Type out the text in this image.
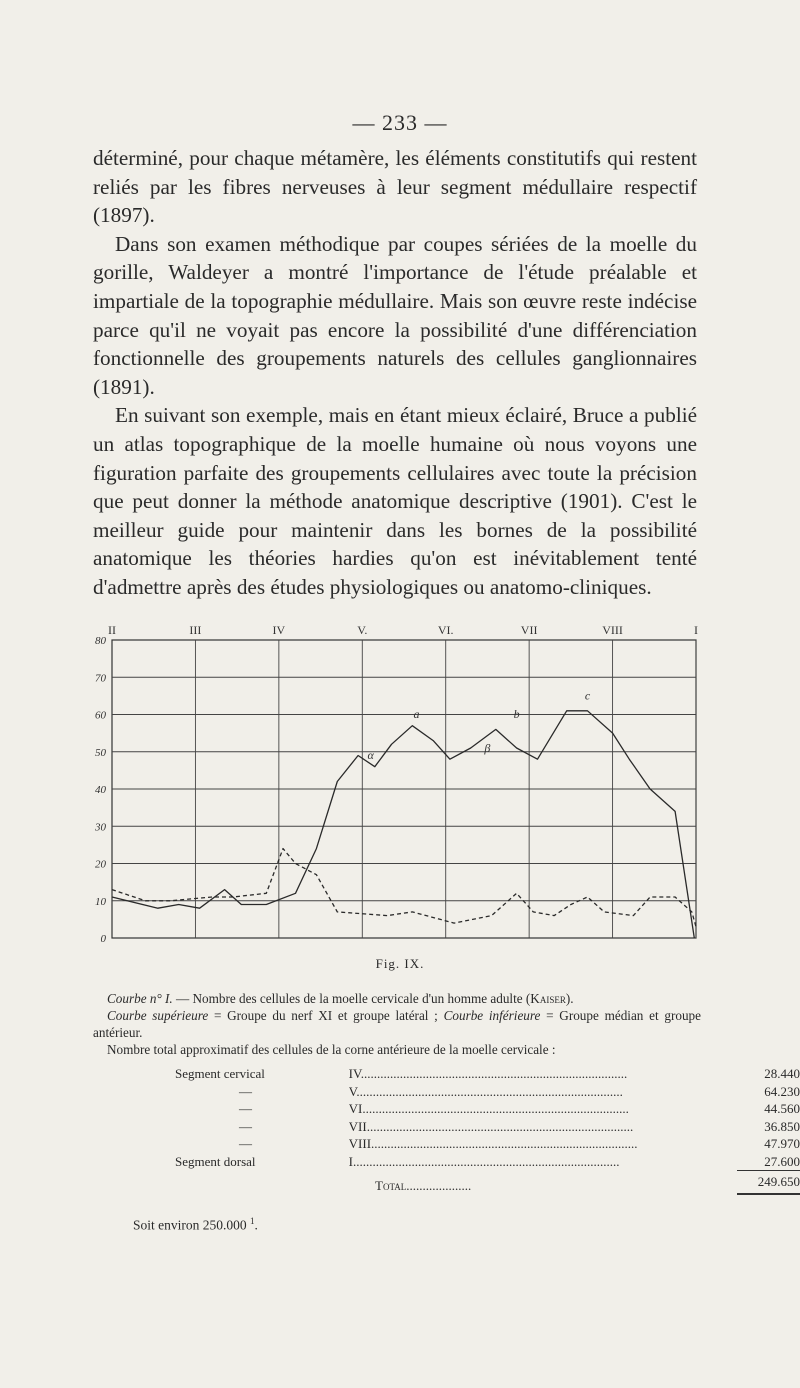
— 233 —

déterminé, pour chaque métamère, les éléments constitutifs qui restent reliés par les fibres nerveuses à leur segment médullaire respectif (1897).

Dans son examen méthodique par coupes sériées de la moelle du gorille, Waldeyer a montré l'importance de l'étude préalable et impartiale de la topographie médullaire. Mais son œuvre reste indécise parce qu'il ne voyait pas encore la possibilité d'une différenciation fonctionnelle des groupements naturels des cellules ganglionnaires (1891).

En suivant son exemple, mais en étant mieux éclairé, Bruce a publié un atlas topographique de la moelle humaine où nous voyons une figuration parfaite des groupements cellulaires avec toute la précision que peut donner la méthode anatomique descriptive (1901). C'est le meilleur guide pour maintenir dans les bornes de la possibilité anatomique les théories hardies qu'on est inévitablement tenté d'admettre après des études physiologiques ou anatomo-cliniques.

II	III	IV	V.	VI.	VII	VIII	I
80
70
60
50
40
30
20
10
0
α
a
β
b
c
Fig. IX.

Courbe n° I. — Nombre des cellules de la moelle cervicale d'un homme adulte (Kaiser).

Courbe supérieure = Groupe du nerf XI et groupe latéral ; Courbe inférieure = Groupe médian et groupe antérieur.

Nombre total approximatif des cellules de la corne antérieure de la moelle cervicale :

Segment cervical	IV..................................................................................	28.440
—	V..................................................................................	64.230
—	VI..................................................................................	44.560
—	VII..................................................................................	36.850
—	VIII..................................................................................	47.970
Segment dorsal	I..................................................................................	27.600
Total....................		249.650
Soit environ 250.000 $^1$.
